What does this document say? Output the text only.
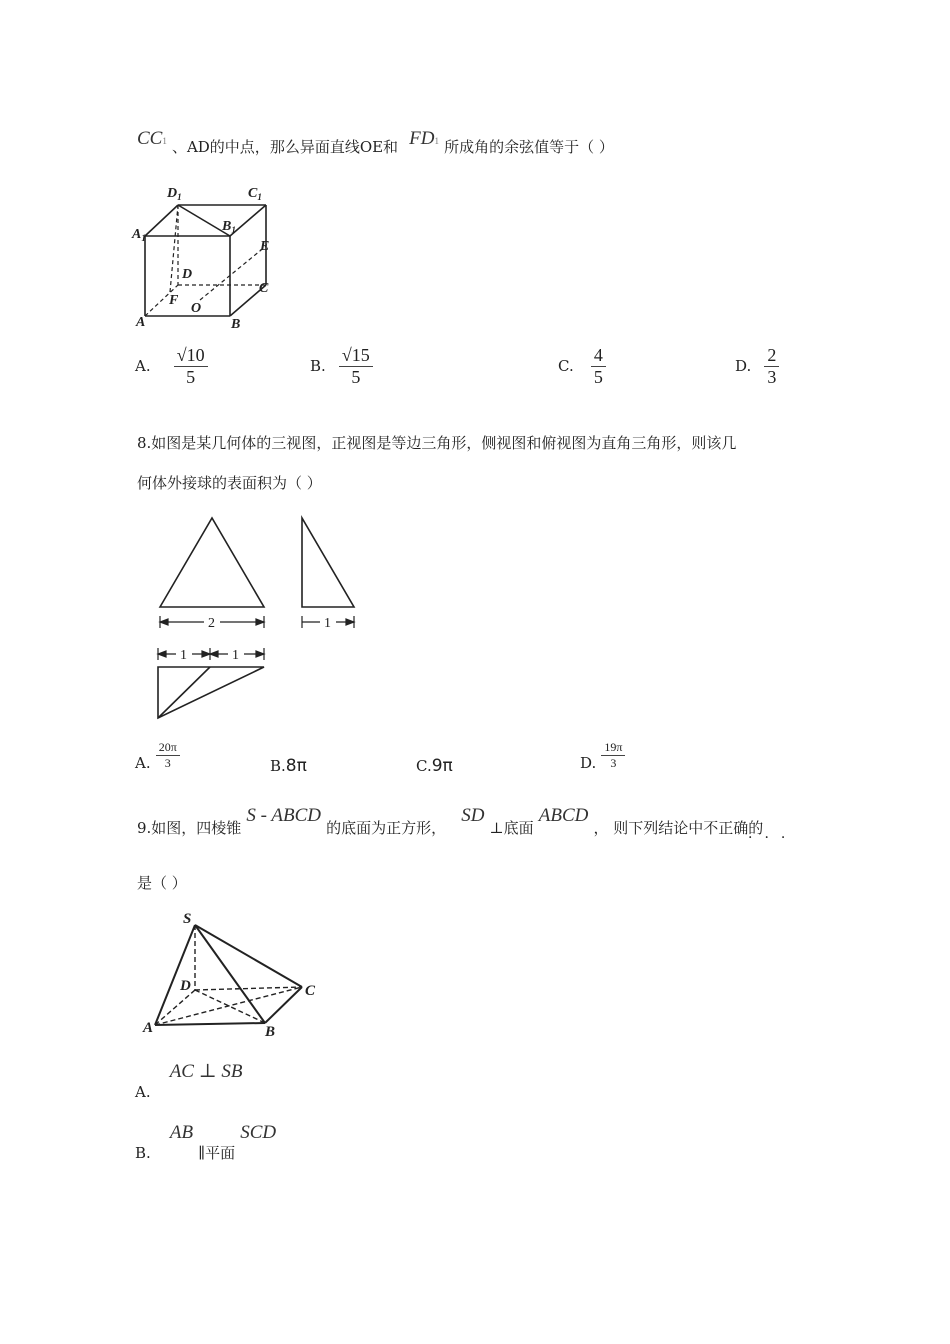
CC1 、AD的中点，那么异面直线OE和 FD1 所成角的余弦值等于（ ）
$D_1$	$C_1$
$A_1$
$B_1$
E
D
C
F
O
A	B
A. $\frac{√10}{5}$	B. $\frac{√15}{5}$	C. $\frac{4}{5}$	D. $\frac{2}{3}$
8.如图是某几何体的三视图，正视图是等边三角形，侧视图和俯视图为直角三角形，则该几
何体外接球的表面积为（ ）
2	1
1	1
A. $\frac{20\pi}{3}$	B.8π	C.9π	D. $\frac{19\pi}{3}$
9.如图，四棱锥 S - ABCD 的底面为正方形， SD ⊥底面 ABCD ， 则下列结论中不正确的
···
是（ ）
S
D	C
A	B
A. AC ⊥ SB
B. AB ∥平面 SCD
